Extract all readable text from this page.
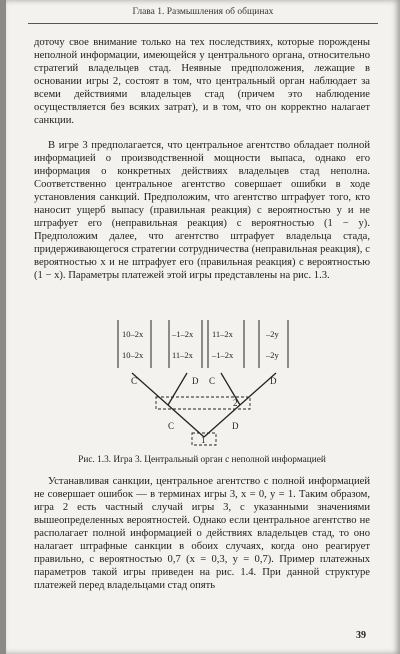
Глава 1. Размышления об общинах

доточу свое внимание только на тех последствиях, которые порождены неполной информации, имеющейся у центрального органа, относительно стратегий владельцев стад. Неявные предположения, лежащие в основании игры 2, состоят в том, что центральный орган наблюдает за всеми действиями владельцев стад (причем это наблюдение осуществляется без всяких затрат), и в том, что он корректно налагает санкции.

В игре 3 предполагается, что центральное агентство обладает полной информацией о производственной мощности выпаса, однако его информация о конкретных действиях владельцев стад неполна. Соответственно центральное агентство совершает ошибки в ходе установления санкций. Предположим, что агентство штрафует того, кто наносит ущерб выпасу (правильная реакция) с вероятностью y и не штрафует его (неправильная реакция) с вероятностью (1 − y). Предположим далее, что агентство штрафует владельца стада, придерживающегося стратегии сотрудничества (неправильная реакция), с вероятностью x и не штрафует его (правильная реакция) с вероятностью (1 − x). Параметры платежей этой игры представлены на рис. 1.3.

10–2x
10–2x
–1–2x
11–2x
11–2x
–1–2x
–2y
–2y
2
1
C	D C	D
C	D
Рис. 1.3. Игра 3. Центральный орган с неполной информацией

Устанавливая санкции, центральное агентство с полной информацией не совершает ошибок — в терминах игры 3, x = 0, y = 1. Таким образом, игра 2 есть частный случай игры 3, с указанными значениями вышеопределенных вероятностей. Однако если центральное агентство не располагает полной информацией о действиях владельцев стад, то оно налагает штрафные санкции в обоих случаях, когда оно реагирует правильно, с вероятностью 0,7 (x = 0,3, y = 0,7). Пример платежных параметров такой игры приведен на рис. 1.4. При данной структуре платежей перед владельцами стад опять

39
